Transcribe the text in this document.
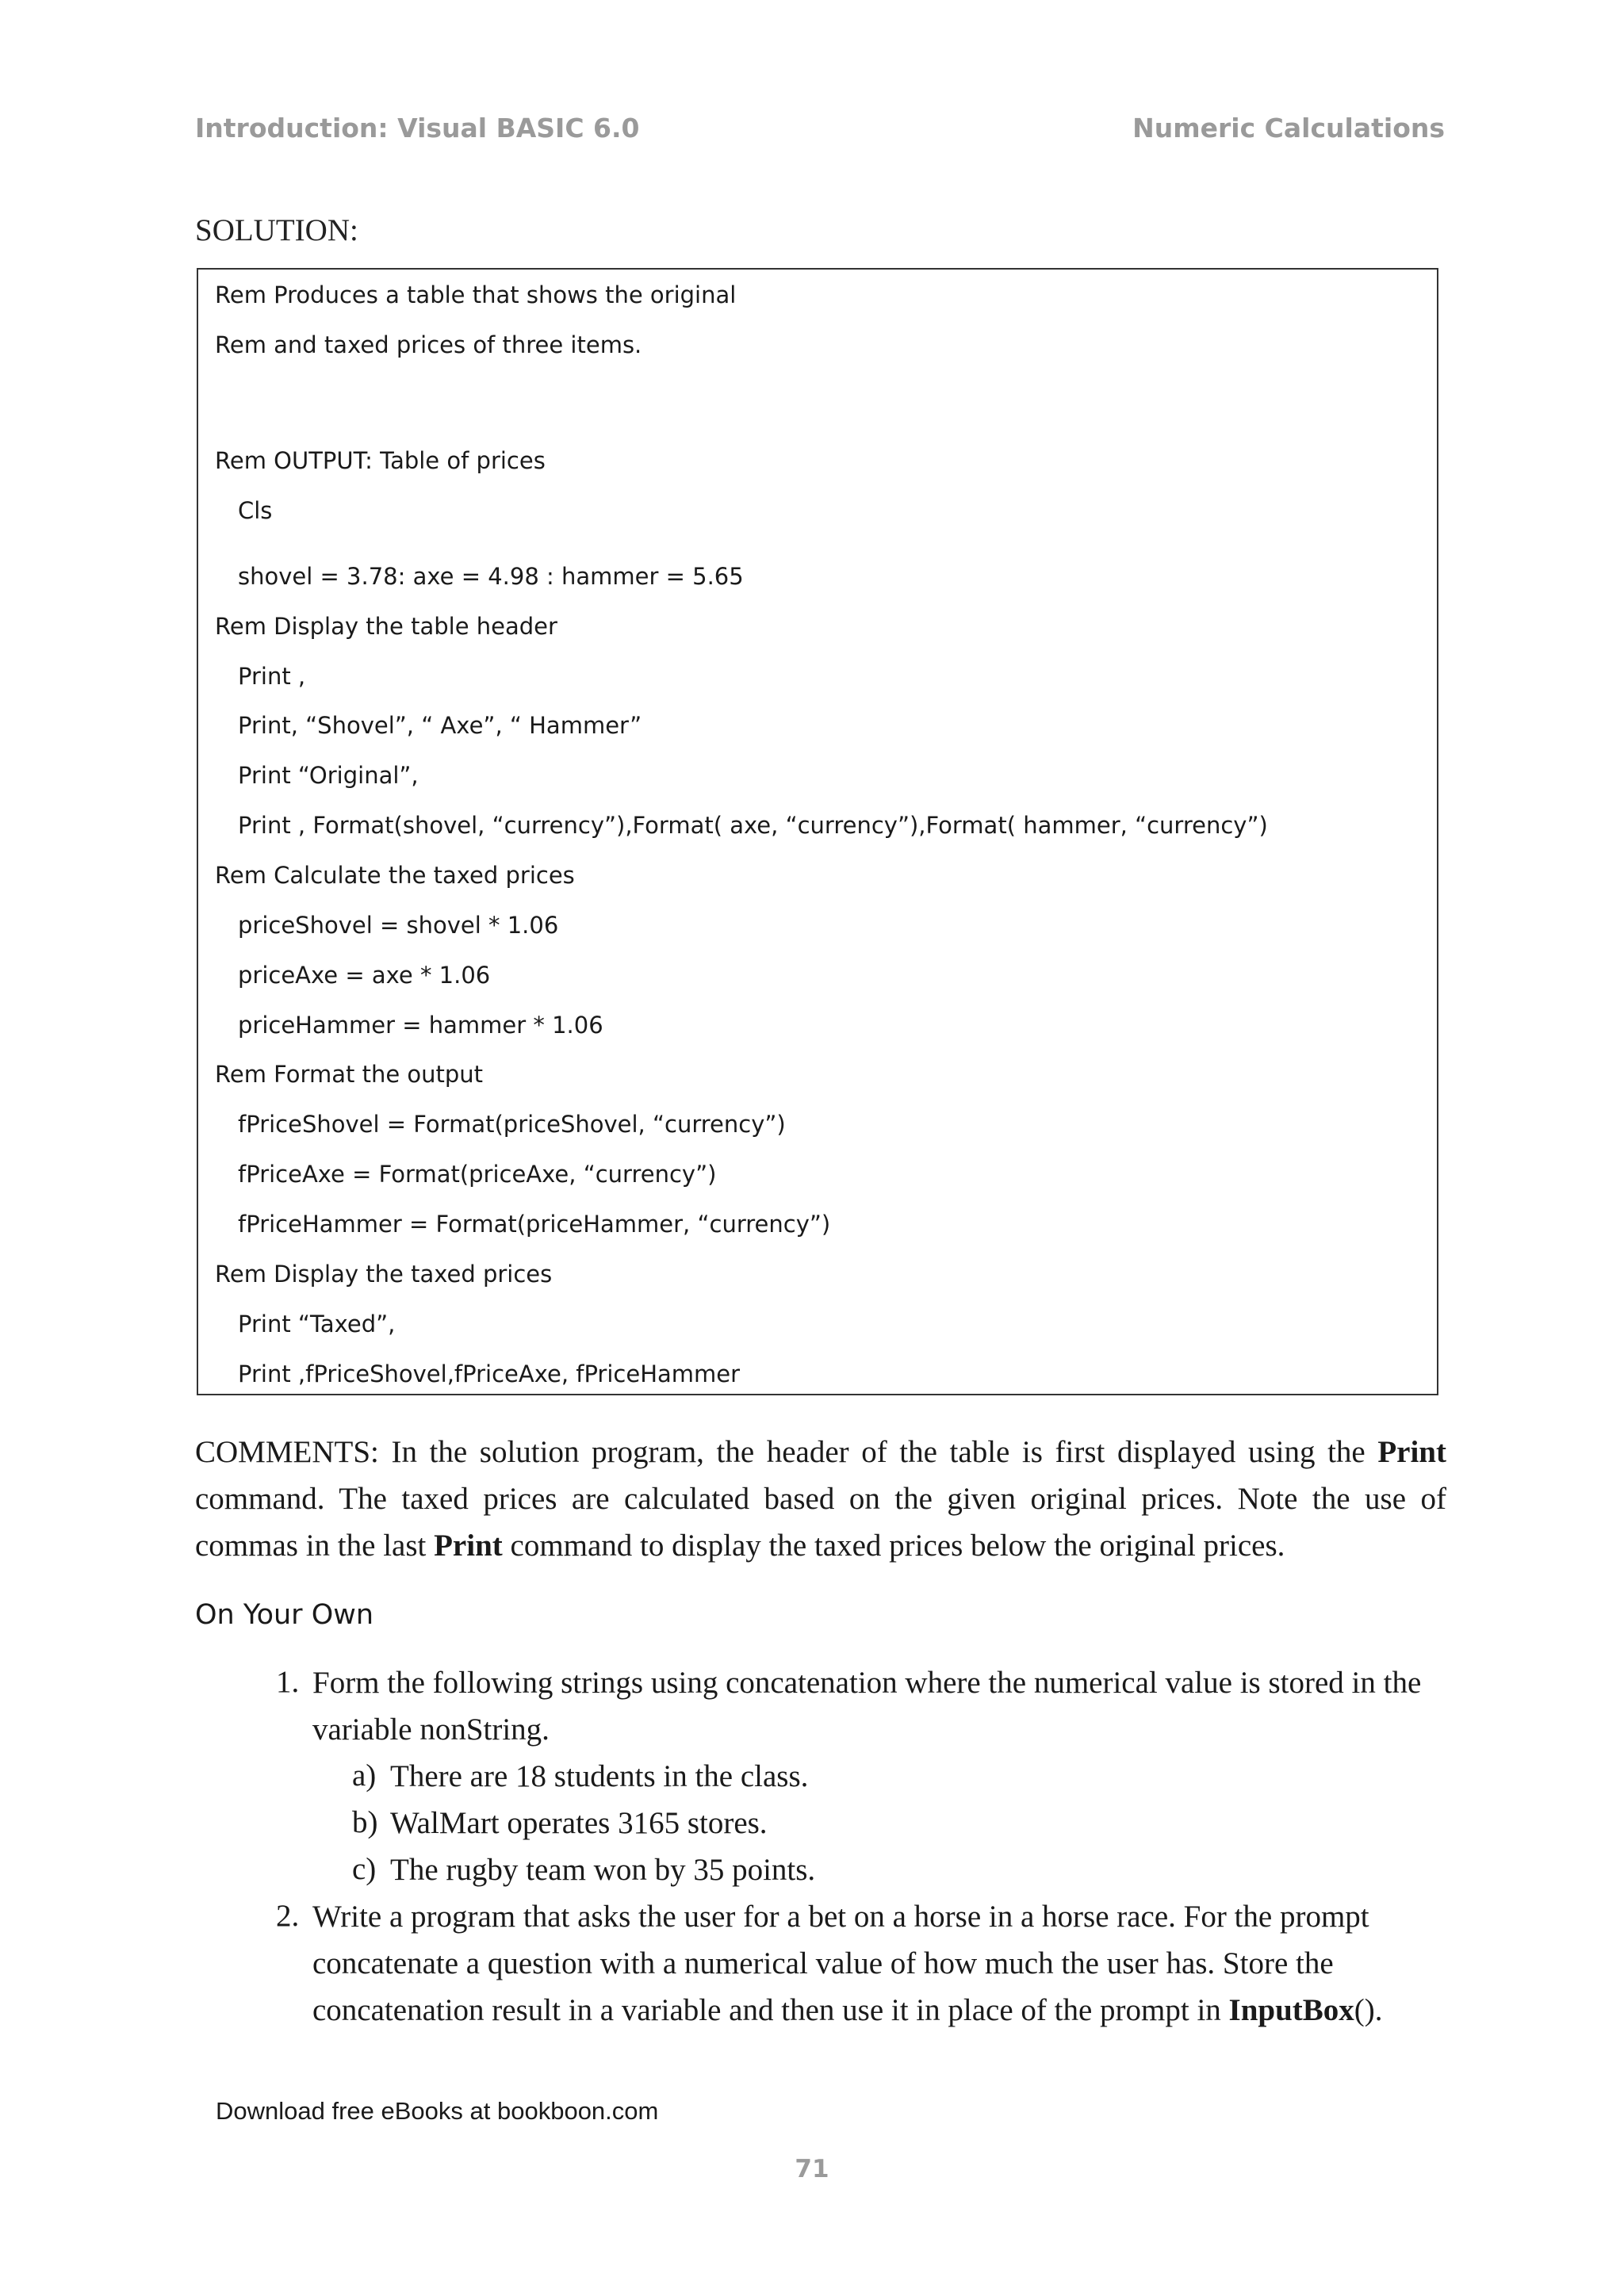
Introduction: Visual BASIC 6.0	Numeric Calculations
SOLUTION:
Rem Produces a table that shows the original
Rem and taxed prices of three items.
Rem OUTPUT: Table of prices
Cls
shovel = 3.78: axe = 4.98 : hammer = 5.65
Rem Display the table header
Print ,
Print, “Shovel”, “ Axe”, “ Hammer”
Print “Original”,
Print , Format(shovel, “currency”),Format( axe, “currency”),Format( hammer, “currency”)
Rem Calculate the taxed prices
priceShovel = shovel * 1.06
priceAxe = axe * 1.06
priceHammer = hammer * 1.06
Rem Format the output
fPriceShovel = Format(priceShovel, “currency”)
fPriceAxe = Format(priceAxe, “currency”)
fPriceHammer = Format(priceHammer, “currency”)
Rem Display the taxed prices
Print “Taxed”,
Print ,fPriceShovel,fPriceAxe, fPriceHammer
COMMENTS: In the solution program, the header of the table is first displayed using the Print command. The taxed prices are calculated based on the given original prices. Note the use of commas in the last Print command to display the taxed prices below the original prices.
On Your Own
1. Form the following strings using concatenation where the numerical value is stored in the variable nonString.
a) There are 18 students in the class.
b) WalMart operates 3165 stores.
c) The rugby team won by 35 points.
2. Write a program that asks the user for a bet on a horse in a horse race. For the prompt concatenate a question with a numerical value of how much the user has. Store the concatenation result in a variable and then use it in place of the prompt in InputBox().
Download free eBooks at bookboon.com
71
